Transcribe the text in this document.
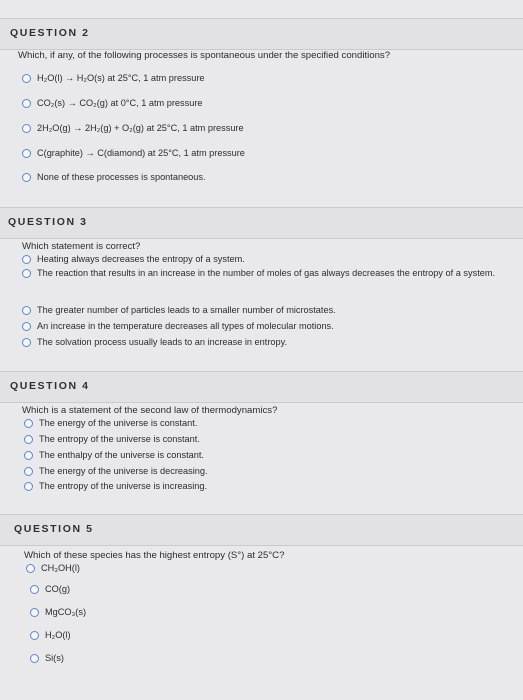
QUESTION 2
Which, if any, of the following processes is spontaneous under the specified conditions?
H₂O(l) → H₂O(s) at 25°C, 1 atm pressure
CO₂(s) → CO₂(g) at 0°C, 1 atm pressure
2H₂O(g) → 2H₂(g) + O₂(g) at 25°C, 1 atm pressure
C(graphite) → C(diamond) at 25°C, 1 atm pressure
None of these processes is spontaneous.
QUESTION 3
Which statement is correct?
Heating always decreases the entropy of a system.
The reaction that results in an increase in the number of moles of gas always decreases the entropy of a system.
The greater number of particles leads to a smaller number of microstates.
An increase in the temperature decreases all types of molecular motions.
The solvation process usually leads to an increase in entropy.
QUESTION 4
Which is a statement of the second law of thermodynamics?
The energy of the universe is constant.
The entropy of the universe is constant.
The enthalpy of the universe is constant.
The energy of the universe is decreasing.
The entropy of the universe is increasing.
QUESTION 5
Which of these species has the highest entropy (S°) at 25°C?
CH₃OH(l)
CO(g)
MgCO₃(s)
H₂O(l)
Si(s)
